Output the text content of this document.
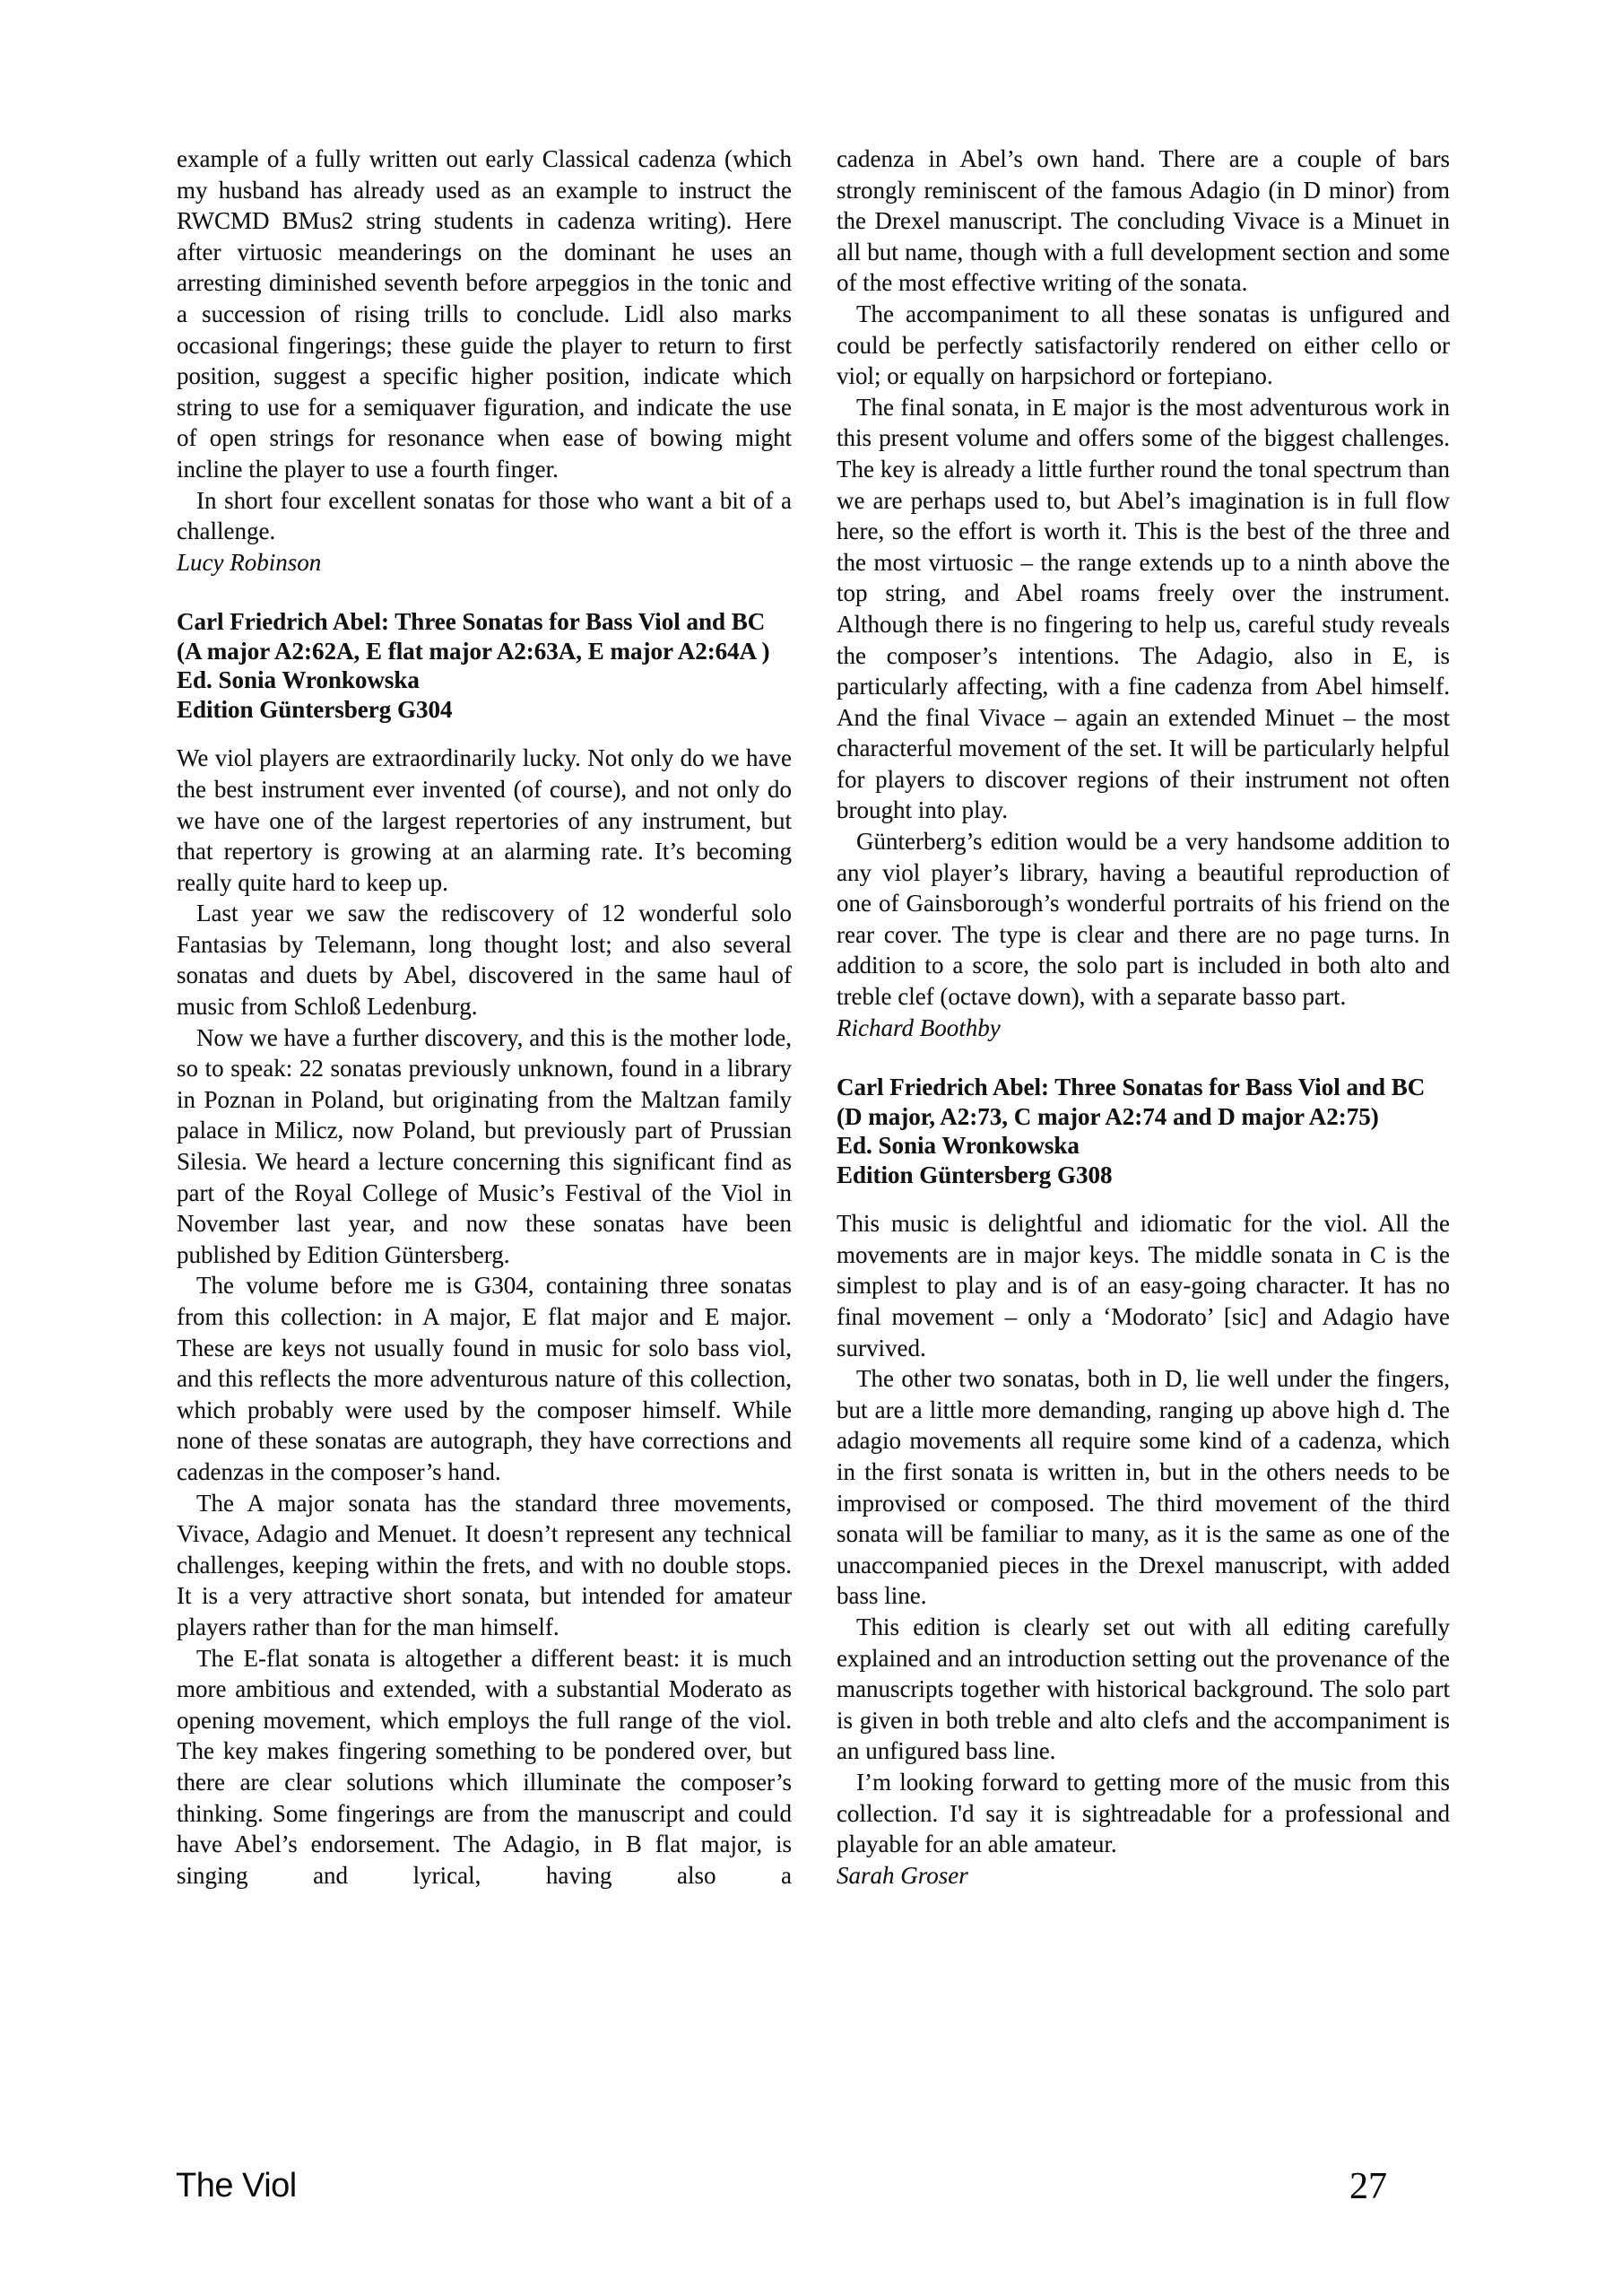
example of a fully written out early Classical cadenza (which my husband has already used as an example to instruct the RWCMD BMus2 string students in cadenza writing). Here after virtuosic meanderings on the dominant he uses an arresting diminished seventh before arpeggios in the tonic and a succession of rising trills to conclude. Lidl also marks occasional fingerings; these guide the player to return to first position, suggest a specific higher position, indicate which string to use for a semiquaver figuration, and indicate the use of open strings for resonance when ease of bowing might incline the player to use a fourth finger.

In short four excellent sonatas for those who want a bit of a challenge.

Lucy Robinson

Carl Friedrich Abel: Three Sonatas for Bass Viol and BC (A major A2:62A, E flat major A2:63A, E major A2:64A )
Ed. Sonia Wronkowska
Edition Güntersberg G304

We viol players are extraordinarily lucky. Not only do we have the best instrument ever invented (of course), and not only do we have one of the largest repertories of any instrument, but that repertory is growing at an alarming rate. It’s becoming really quite hard to keep up.

Last year we saw the rediscovery of 12 wonderful solo Fantasias by Telemann, long thought lost; and also several sonatas and duets by Abel, discovered in the same haul of music from Schloß Ledenburg.

Now we have a further discovery, and this is the mother lode, so to speak: 22 sonatas previously unknown, found in a library in Poznan in Poland, but originating from the Maltzan family palace in Milicz, now Poland, but previously part of Prussian Silesia. We heard a lecture concerning this significant find as part of the Royal College of Music’s Festival of the Viol in November last year, and now these sonatas have been published by Edition Güntersberg.

The volume before me is G304, containing three sonatas from this collection: in A major, E flat major and E major. These are keys not usually found in music for solo bass viol, and this reflects the more adventurous nature of this collection, which probably were used by the composer himself. While none of these sonatas are autograph, they have corrections and cadenzas in the composer’s hand.

The A major sonata has the standard three movements, Vivace, Adagio and Menuet. It doesn’t represent any technical challenges, keeping within the frets, and with no double stops. It is a very attractive short sonata, but intended for amateur players rather than for the man himself.

The E-flat sonata is altogether a different beast: it is much more ambitious and extended, with a substantial Moderato as opening movement, which employs the full range of the viol. The key makes fingering something to be pondered over, but there are clear solutions which illuminate the composer’s thinking. Some fingerings are from the manuscript and could have Abel’s endorsement. The Adagio, in B flat major, is singing and lyrical, having also a

cadenza in Abel’s own hand. There are a couple of bars strongly reminiscent of the famous Adagio (in D minor) from the Drexel manuscript. The concluding Vivace is a Minuet in all but name, though with a full development section and some of the most effective writing of the sonata.

The accompaniment to all these sonatas is unfigured and could be perfectly satisfactorily rendered on either cello or viol; or equally on harpsichord or fortepiano.

The final sonata, in E major is the most adventurous work in this present volume and offers some of the biggest challenges. The key is already a little further round the tonal spectrum than we are perhaps used to, but Abel’s imagination is in full flow here, so the effort is worth it. This is the best of the three and the most virtuosic – the range extends up to a ninth above the top string, and Abel roams freely over the instrument. Although there is no fingering to help us, careful study reveals the composer’s intentions. The Adagio, also in E, is particularly affecting, with a fine cadenza from Abel himself. And the final Vivace – again an extended Minuet – the most characterful movement of the set. It will be particularly helpful for players to discover regions of their instrument not often brought into play.

Günterberg’s edition would be a very handsome addition to any viol player’s library, having a beautiful reproduction of one of Gainsborough’s wonderful portraits of his friend on the rear cover. The type is clear and there are no page turns. In addition to a score, the solo part is included in both alto and treble clef (octave down), with a separate basso part.

Richard Boothby

Carl Friedrich Abel: Three Sonatas for Bass Viol and BC (D major, A2:73, C major A2:74 and D major A2:75)
Ed. Sonia Wronkowska
Edition Güntersberg G308

This music is delightful and idiomatic for the viol. All the movements are in major keys. The middle sonata in C is the simplest to play and is of an easy-going character. It has no final movement – only a ‘Modorato’ [sic] and Adagio have survived.

The other two sonatas, both in D, lie well under the fingers, but are a little more demanding, ranging up above high d. The adagio movements all require some kind of a cadenza, which in the first sonata is written in, but in the others needs to be improvised or composed. The third movement of the third sonata will be familiar to many, as it is the same as one of the unaccompanied pieces in the Drexel manuscript, with added bass line.

This edition is clearly set out with all editing carefully explained and an introduction setting out the provenance of the manuscripts together with historical background. The solo part is given in both treble and alto clefs and the accompaniment is an unfigured bass line.

I’m looking forward to getting more of the music from this collection. I'd say it is sightreadable for a professional and playable for an able amateur.

Sarah Groser

The Viol	27
